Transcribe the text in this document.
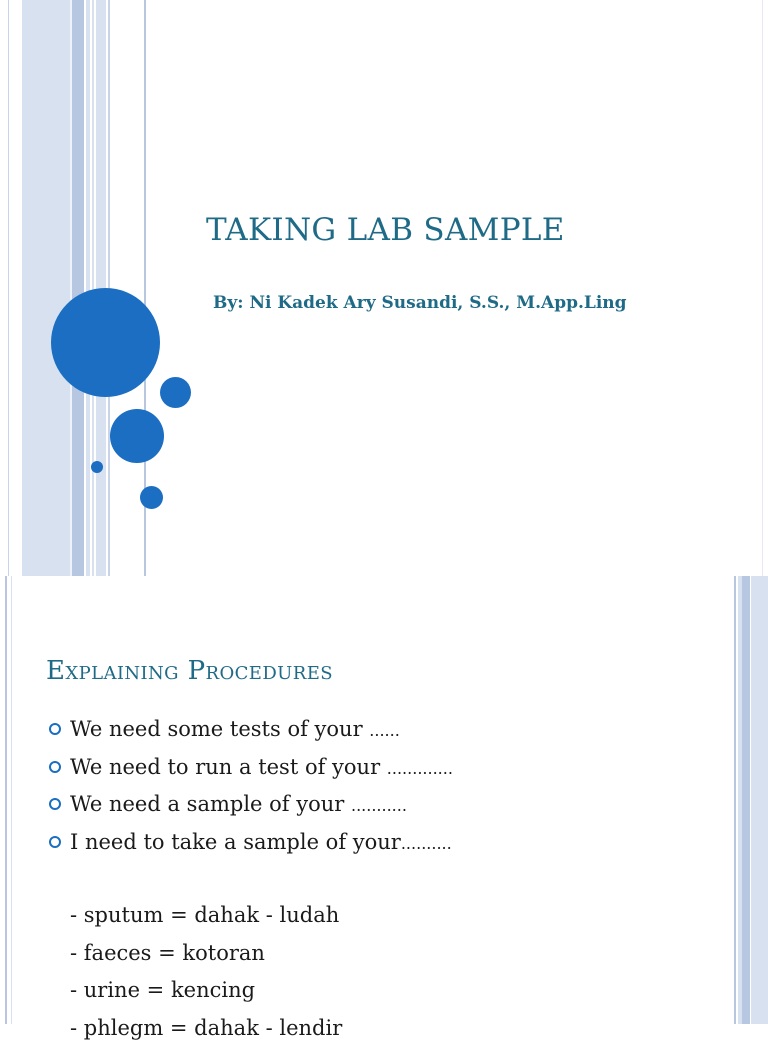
TAKING LAB SAMPLE
By: Ni Kadek Ary Susandi, S.S., M.App.Ling
Explaining Procedures
We need some tests of your ......
We need to run a test of your .............
We need a sample of your ...........
I need to take a sample of your..........
- sputum = dahak - ludah
- faeces = kotoran
- urine = kencing
- phlegm = dahak - lendir
